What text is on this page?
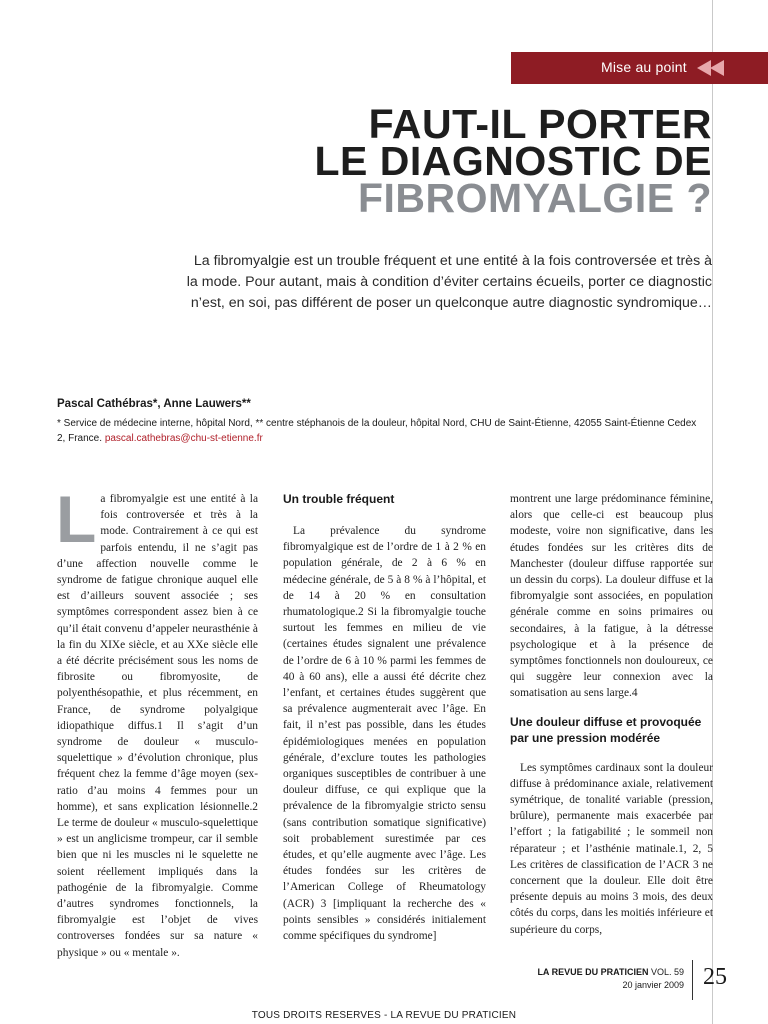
Mise au point
FAUT-IL PORTER
LE DIAGNOSTIC DE
FIBROMYALGIE ?

La fibromyalgie est un trouble fréquent et une entité à la fois controversée et très à la mode. Pour autant, mais à condition d’éviter certains écueils, porter ce diagnostic n’est, en soi, pas différent de poser un quelconque autre diagnostic syndromique…

Pascal Cathébras*, Anne Lauwers**
* Service de médecine interne, hôpital Nord, ** centre stéphanois de la douleur, hôpital Nord, CHU de Saint-Étienne, 42055 Saint-Étienne Cedex 2, France. pascal.cathebras@chu-st-etienne.fr
L a fibromyalgie est une entité à la fois controversée et très à la mode. Contrairement à ce qui est parfois entendu, il ne s’agit pas d’une affection nouvelle comme le syndrome de fatigue chronique auquel elle est d’ailleurs souvent associée ; ses symptômes correspondent assez bien à ce qu’il était convenu d’appeler neurasthénie à la fin du XIXe siècle, et au XXe siècle elle a été décrite précisément sous les noms de fibrosite ou fibromyosite, de polyenthésopathie, et plus récemment, en France, de syndrome polyalgique idiopathique diffus.1 Il s’agit d’un syndrome de douleur « musculo-squelettique » d’évolution chronique, plus fréquent chez la femme d’âge moyen (sex-ratio d’au moins 4 femmes pour un homme), et sans explication lésionnelle.2 Le terme de douleur « musculo-squelettique » est un anglicisme trompeur, car il semble bien que ni les muscles ni le squelette ne soient réellement impliqués dans la pathogénie de la fibromyalgie. Comme d’autres syndromes fonctionnels, la fibromyalgie est l’objet de vives controverses fondées sur sa nature « physique » ou « mentale ».
Un trouble fréquent

La prévalence du syndrome fibromyalgique est de l’ordre de 1 à 2 % en population générale, de 2 à 6 % en médecine générale, de 5 à 8 % à l’hôpital, et de 14 à 20 % en consultation rhumatologique.2 Si la fibromyalgie touche surtout les femmes en milieu de vie (certaines études signalent une prévalence de l’ordre de 6 à 10 % parmi les femmes de 40 à 60 ans), elle a aussi été décrite chez l’enfant, et certaines études suggèrent que sa prévalence augmenterait avec l’âge. En fait, il n’est pas possible, dans les études épidémiologiques menées en population générale, d’exclure toutes les pathologies organiques susceptibles de contribuer à une douleur diffuse, ce qui explique que la prévalence de la fibromyalgie stricto sensu (sans contribution somatique significative) soit probablement surestimée par ces études, et qu’elle augmente avec l’âge. Les études fondées sur les critères de l’American College of Rheumatology (ACR) 3 [impliquant la recherche des « points sensibles » considérés initialement comme spécifiques du syndrome]

montrent une large prédominance féminine, alors que celle-ci est beaucoup plus modeste, voire non significative, dans les études fondées sur les critères dits de Manchester (douleur diffuse rapportée sur un dessin du corps). La douleur diffuse et la fibromyalgie sont associées, en population générale comme en soins primaires ou secondaires, à la fatigue, à la détresse psychologique et à la présence de symptômes fonctionnels non douloureux, ce qui suggère leur connexion avec la somatisation au sens large.4

Une douleur diffuse et provoquée par une pression modérée

Les symptômes cardinaux sont la douleur diffuse à prédominance axiale, relativement symétrique, de tonalité variable (pression, brûlure), permanente mais exacerbée par l’effort ; la fatigabilité ; le sommeil non réparateur ; et l’asthénie matinale.1, 2, 5 Les critères de classification de l’ACR 3 ne concernent que la douleur. Elle doit être présente depuis au moins 3 mois, des deux côtés du corps, dans les moitiés inférieure et supérieure du corps,

LA REVUE DU PRATICIEN VOL. 59
20 janvier 2009 25
TOUS DROITS RESERVES - LA REVUE DU PRATICIEN
